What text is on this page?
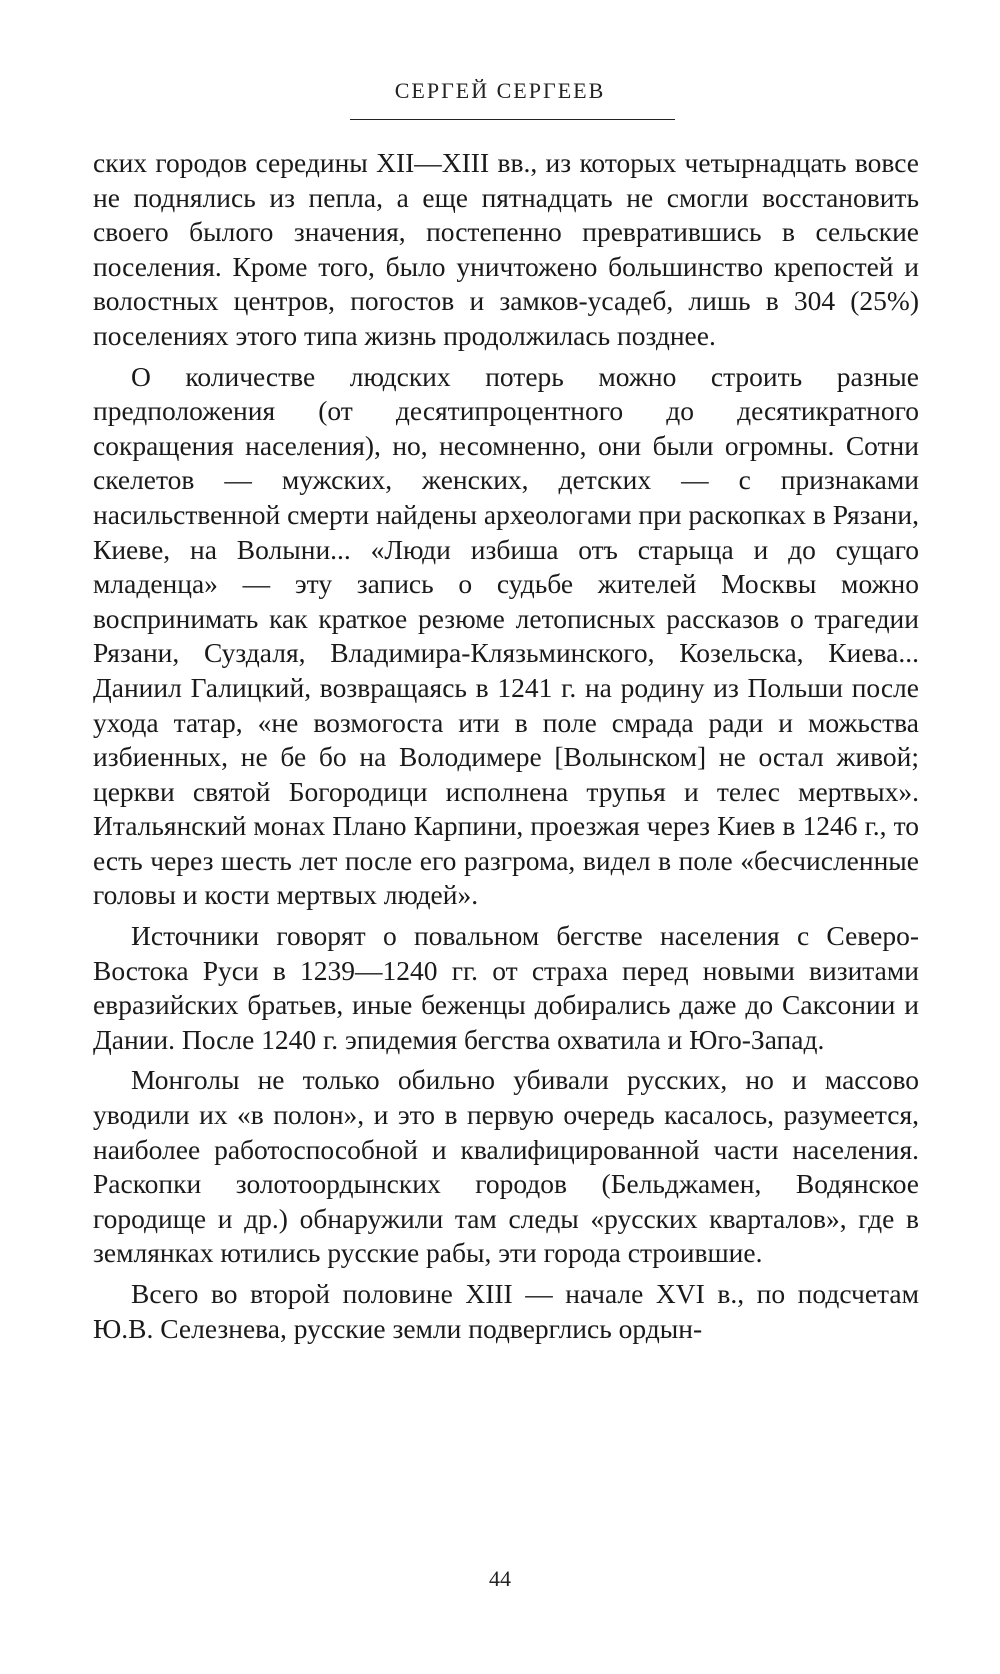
СЕРГЕЙ СЕРГЕЕВ

ских городов середины XII—XIII вв., из которых четырнадцать вовсе не поднялись из пепла, а еще пятнадцать не смогли восстановить своего былого значения, постепенно превратившись в сельские поселения. Кроме того, было уничтожено большинство крепостей и волостных центров, погостов и замков-усадеб, лишь в 304 (25%) поселениях этого типа жизнь продолжилась позднее.

О количестве людских потерь можно строить разные предположения (от десятипроцентного до десятикратного сокращения населения), но, несомненно, они были огромны. Сотни скелетов — мужских, женских, детских — с признаками насильственной смерти найдены археологами при раскопках в Рязани, Киеве, на Волыни... «Люди избиша отъ старыца и до сущаго младенца» — эту запись о судьбе жителей Москвы можно воспринимать как краткое резюме летописных рассказов о трагедии Рязани, Суздаля, Владимира-Клязьминского, Козельска, Киева... Даниил Галицкий, возвращаясь в 1241 г. на родину из Польши после ухода татар, «не возмогоста ити в поле смрада ради и можьства избиенных, не бе бо на Володимере [Волынском] не остал живой; церкви святой Богородици исполнена трупья и телес мертвых». Итальянский монах Плано Карпини, проезжая через Киев в 1246 г., то есть через шесть лет после его разгрома, видел в поле «бесчисленные головы и кости мертвых людей».

Источники говорят о повальном бегстве населения с Северо-Востока Руси в 1239—1240 гг. от страха перед новыми визитами евразийских братьев, иные беженцы добирались даже до Саксонии и Дании. После 1240 г. эпидемия бегства охватила и Юго-Запад.

Монголы не только обильно убивали русских, но и массово уводили их «в полон», и это в первую очередь касалось, разумеется, наиболее работоспособной и квалифицированной части населения. Раскопки золотоордынских городов (Бельджамен, Водянское городище и др.) обнаружили там следы «русских кварталов», где в землянках ютились русские рабы, эти города строившие.

Всего во второй половине XIII — начале XVI в., по подсчетам Ю.В. Селезнева, русские земли подверглись ордын-

44
